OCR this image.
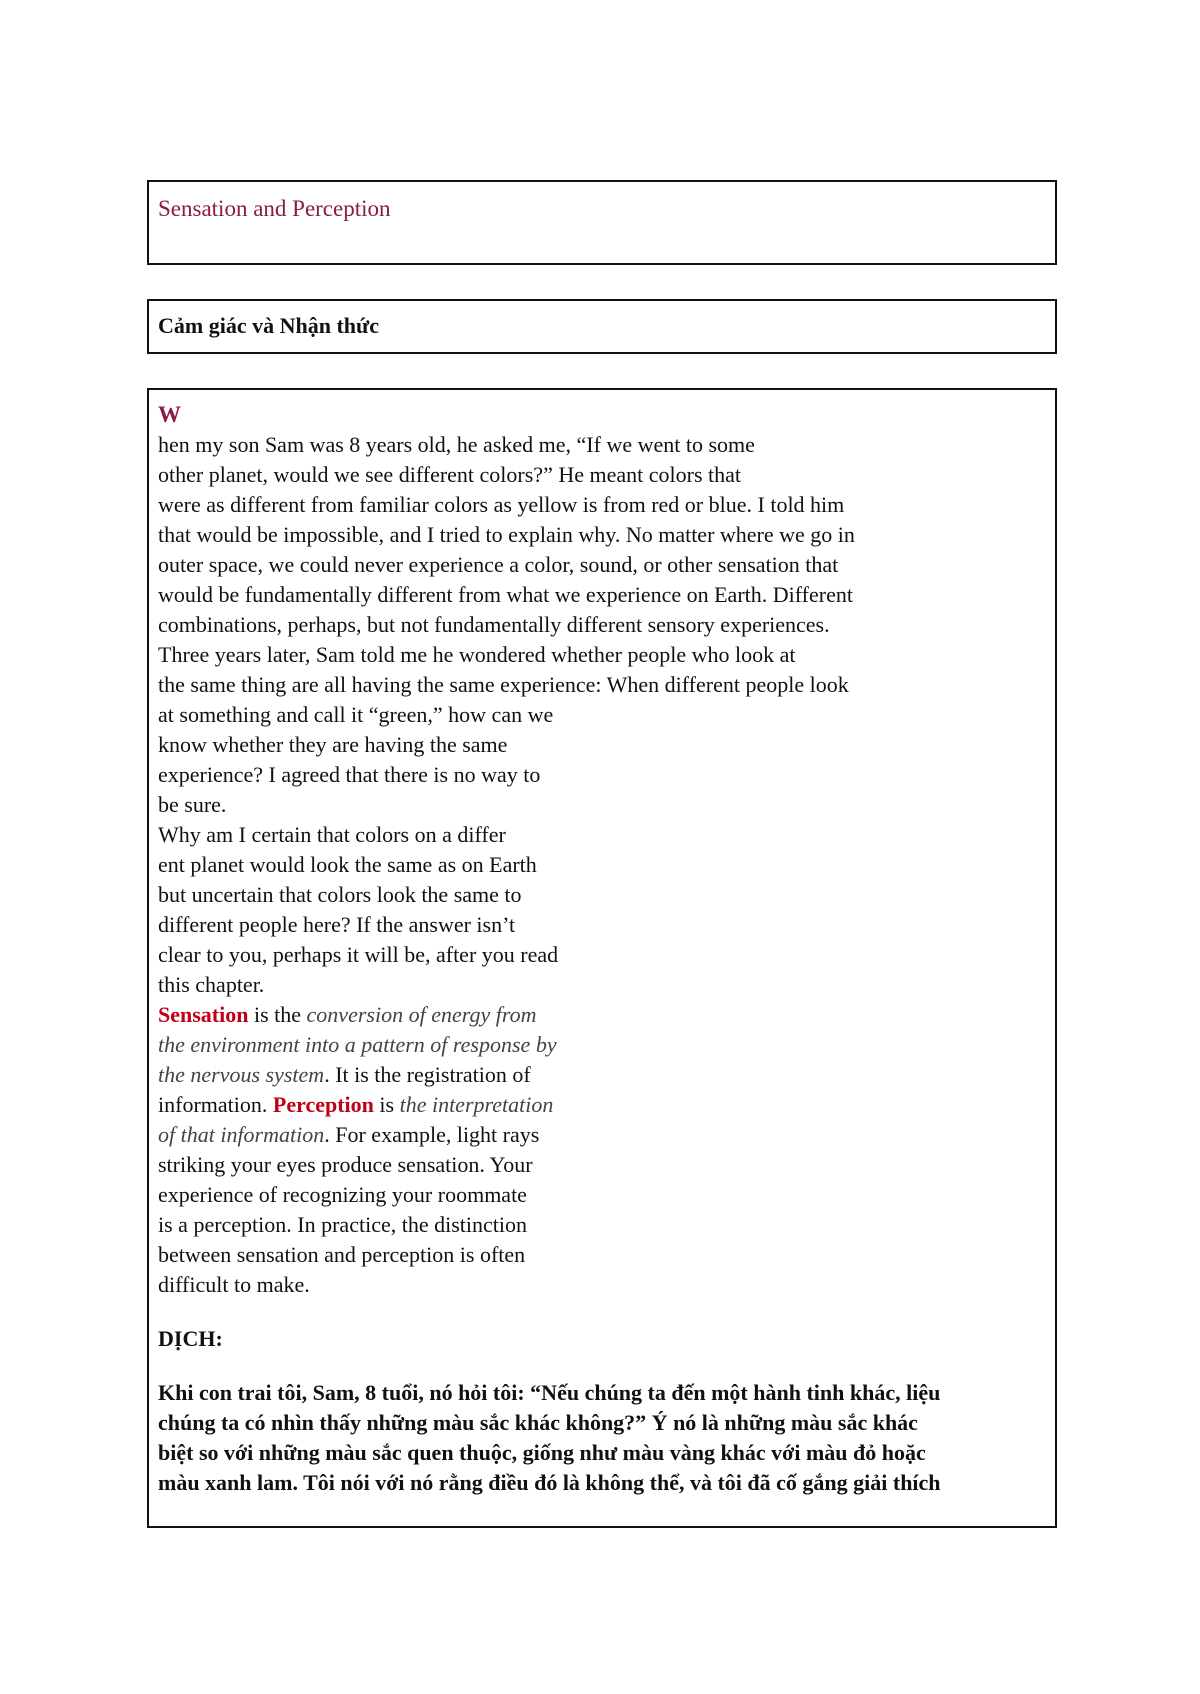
Sensation and Perception
Cảm giác và Nhận thức
W
hen my son Sam was 8 years old, he asked me, “If we went to some
other planet, would we see different colors?” He meant colors that
were as different from familiar colors as yellow is from red or blue. I told him
that would be impossible, and I tried to explain why. No matter where we go in
outer space, we could never experience a color, sound, or other sensation that
would be fundamentally different from what we experience on Earth. Different
combinations, perhaps, but not fundamentally different sensory experiences.
Three years later, Sam told me he wondered whether people who look at
the same thing are all having the same experience: When different people look
at something and call it “green,” how can we
know whether they are having the same
experience? I agreed that there is no way to
be sure.
Why am I certain that colors on a differ
ent planet would look the same as on Earth
but uncertain that colors look the same to
different people here? If the answer isn’t
clear to you, perhaps it will be, after you read
this chapter.
Sensation is the conversion of energy from
the environment into a pattern of response by
the nervous system. It is the registration of
information. Perception is the interpretation
of that information. For example, light rays
striking your eyes produce sensation. Your
experience of recognizing your roommate
is a perception. In practice, the distinction
between sensation and perception is often
difficult to make.
DỊCH:
Khi con trai tôi, Sam, 8 tuổi, nó hỏi tôi: “Nếu chúng ta đến một hành tinh khác, liệu
chúng ta có nhìn thấy những màu sắc khác không?” Ý nó là những màu sắc khác
biệt so với những màu sắc quen thuộc, giống như màu vàng khác với màu đỏ hoặc
màu xanh lam. Tôi nói với nó rằng điều đó là không thể, và tôi đã cố gắng giải thích
